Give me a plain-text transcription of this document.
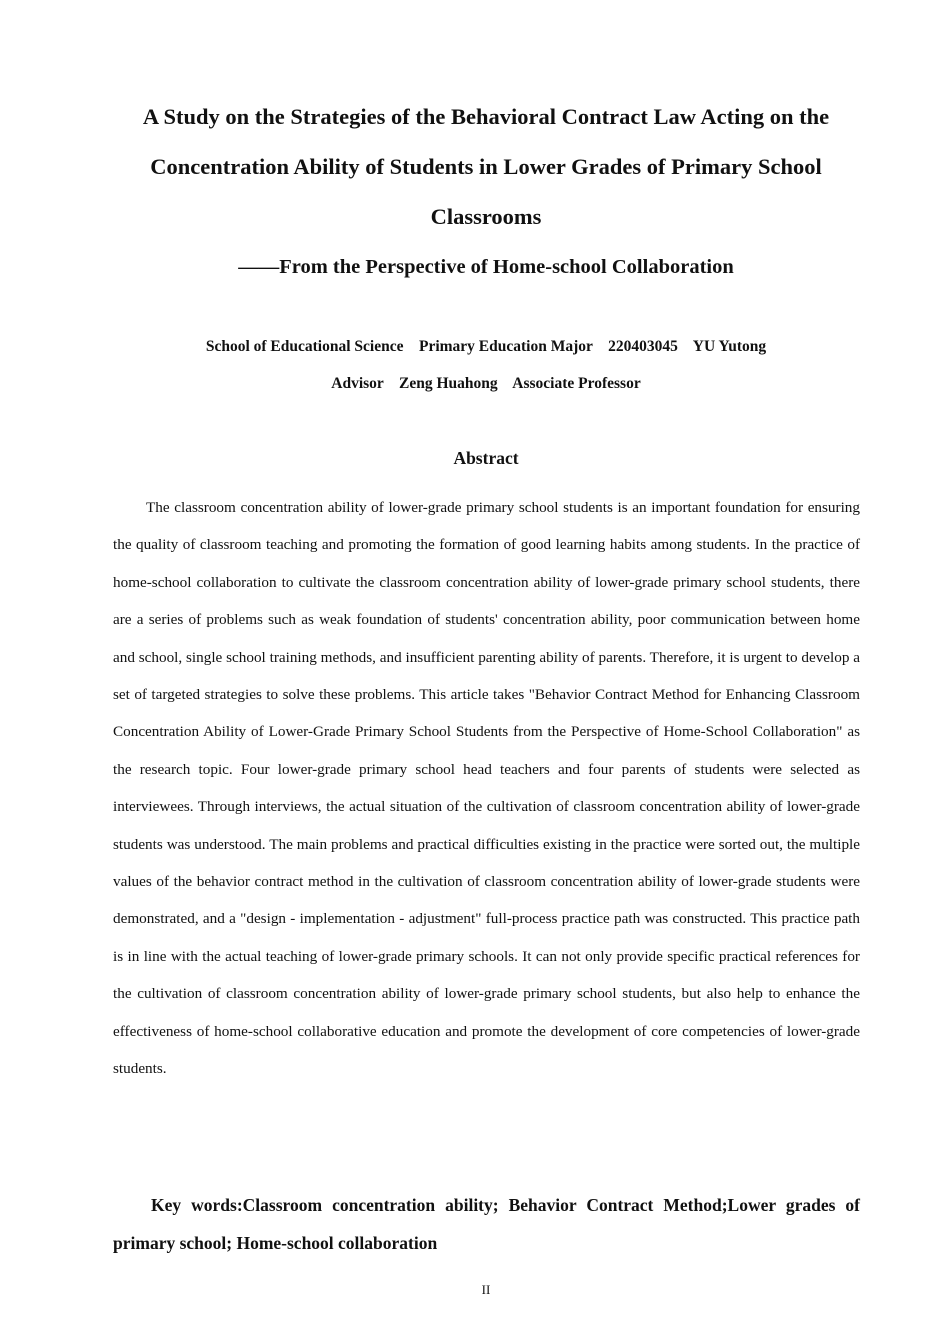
A Study on the Strategies of the Behavioral Contract Law Acting on the
Concentration Ability of Students in Lower Grades of Primary School
Classrooms
——From the Perspective of Home-school Collaboration
School of Educational Science    Primary Education Major    220403045    YU Yutong
Advisor    Zeng Huahong    Associate Professor
Abstract

The classroom concentration ability of lower-grade primary school students is an important foundation for ensuring the quality of classroom teaching and promoting the formation of good learning habits among students. In the practice of home-school collaboration to cultivate the classroom concentration ability of lower-grade primary school students, there are a series of problems such as weak foundation of students' concentration ability, poor communication between home and school, single school training methods, and insufficient parenting ability of parents. Therefore, it is urgent to develop a set of targeted strategies to solve these problems. This article takes "Behavior Contract Method for Enhancing Classroom Concentration Ability of Lower-Grade Primary School Students from the Perspective of Home-School Collaboration" as the research topic. Four lower-grade primary school head teachers and four parents of students were selected as interviewees. Through interviews, the actual situation of the cultivation of classroom concentration ability of lower-grade students was understood. The main problems and practical difficulties existing in the practice were sorted out, the multiple values of the behavior contract method in the cultivation of classroom concentration ability of lower-grade students were demonstrated, and a "design - implementation - adjustment" full-process practice path was constructed. This practice path is in line with the actual teaching of lower-grade primary schools. It can not only provide specific practical references for the cultivation of classroom concentration ability of lower-grade primary school students, but also help to enhance the effectiveness of home-school collaborative education and promote the development of core competencies of lower-grade students.

Key words:Classroom concentration ability; Behavior Contract Method;Lower grades of primary school; Home-school collaboration

II
